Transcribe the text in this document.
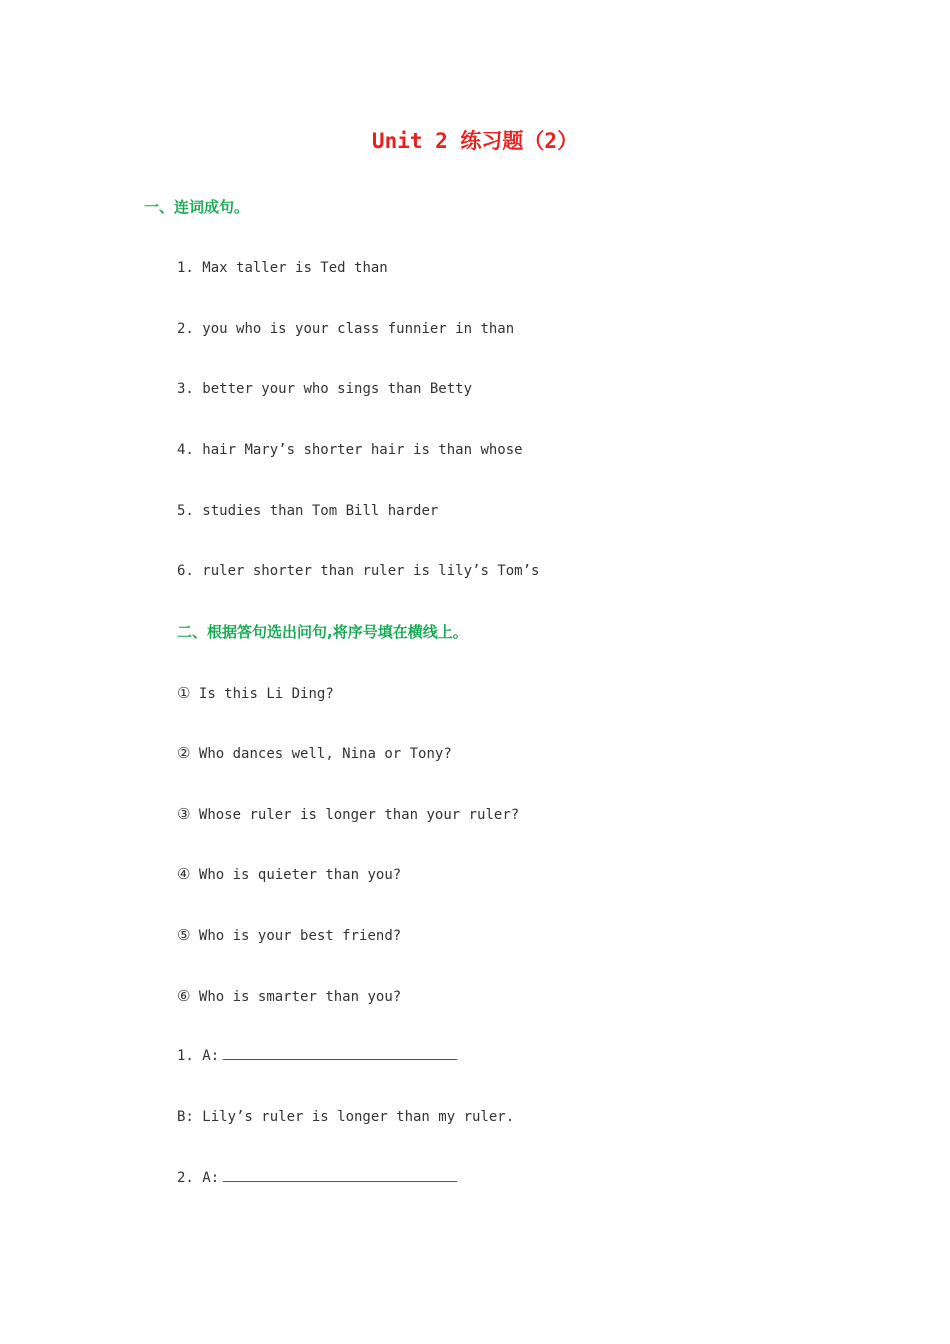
Unit 2 练习题（2）
一、连词成句。
1. Max taller is Ted than
2. you who is your class funnier in than
3. better your who sings than Betty
4. hair Mary’s shorter hair is than whose
5. studies than Tom Bill harder
6. ruler shorter than ruler is lily’s Tom’s
二、根据答句选出问句,将序号填在横线上。
① Is this Li Ding?
② Who dances well, Nina or Tony?
③ Whose ruler is longer than your ruler?
④ Who is quieter than you?
⑤ Who is your best friend?
⑥ Who is smarter than you?
1. A:
B: Lily’s ruler is longer than my ruler.
2. A:
